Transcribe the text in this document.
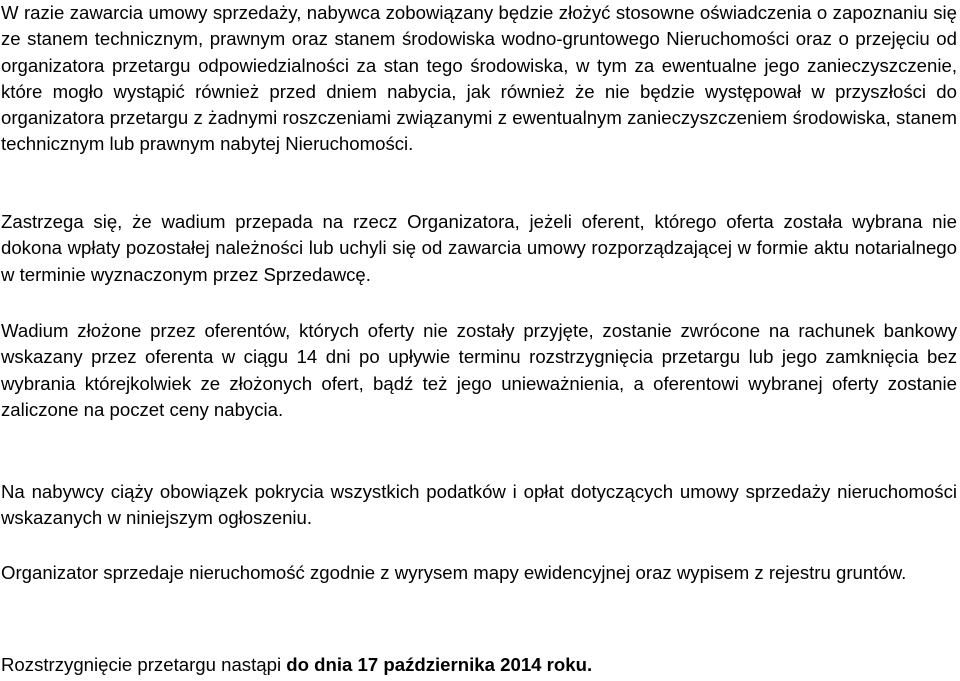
W razie zawarcia umowy sprzedaży, nabywca zobowiązany będzie złożyć stosowne oświadczenia o zapoznaniu się ze stanem technicznym, prawnym oraz stanem środowiska wodno-gruntowego Nieruchomości oraz o przejęciu od organizatora przetargu odpowiedzialności za stan tego środowiska, w tym za ewentualne jego zanieczyszczenie, które mogło wystąpić również przed dniem nabycia, jak również że nie będzie występował w przyszłości do organizatora przetargu z żadnymi roszczeniami związanymi z ewentualnym zanieczyszczeniem środowiska, stanem technicznym lub prawnym nabytej Nieruchomości.

Zastrzega się, że wadium przepada na rzecz Organizatora, jeżeli oferent, którego oferta została wybrana nie dokona wpłaty pozostałej należności lub uchyli się od zawarcia umowy rozporządzającej w formie aktu notarialnego w terminie wyznaczonym przez Sprzedawcę.

Wadium złożone przez oferentów, których oferty nie zostały przyjęte, zostanie zwrócone na rachunek bankowy wskazany przez oferenta w ciągu 14 dni po upływie terminu rozstrzygnięcia przetargu lub jego zamknięcia bez wybrania którejkolwiek ze złożonych ofert, bądź też jego unieważnienia, a oferentowi wybranej oferty zostanie zaliczone na poczet ceny nabycia.

Na nabywcy ciąży obowiązek pokrycia wszystkich podatków i opłat dotyczących umowy sprzedaży nieruchomości wskazanych w niniejszym ogłoszeniu.

Organizator sprzedaje nieruchomość zgodnie z wyrysem mapy ewidencyjnej oraz wypisem z rejestru gruntów.

Rozstrzygnięcie przetargu nastąpi do dnia 17 października 2014 roku.
